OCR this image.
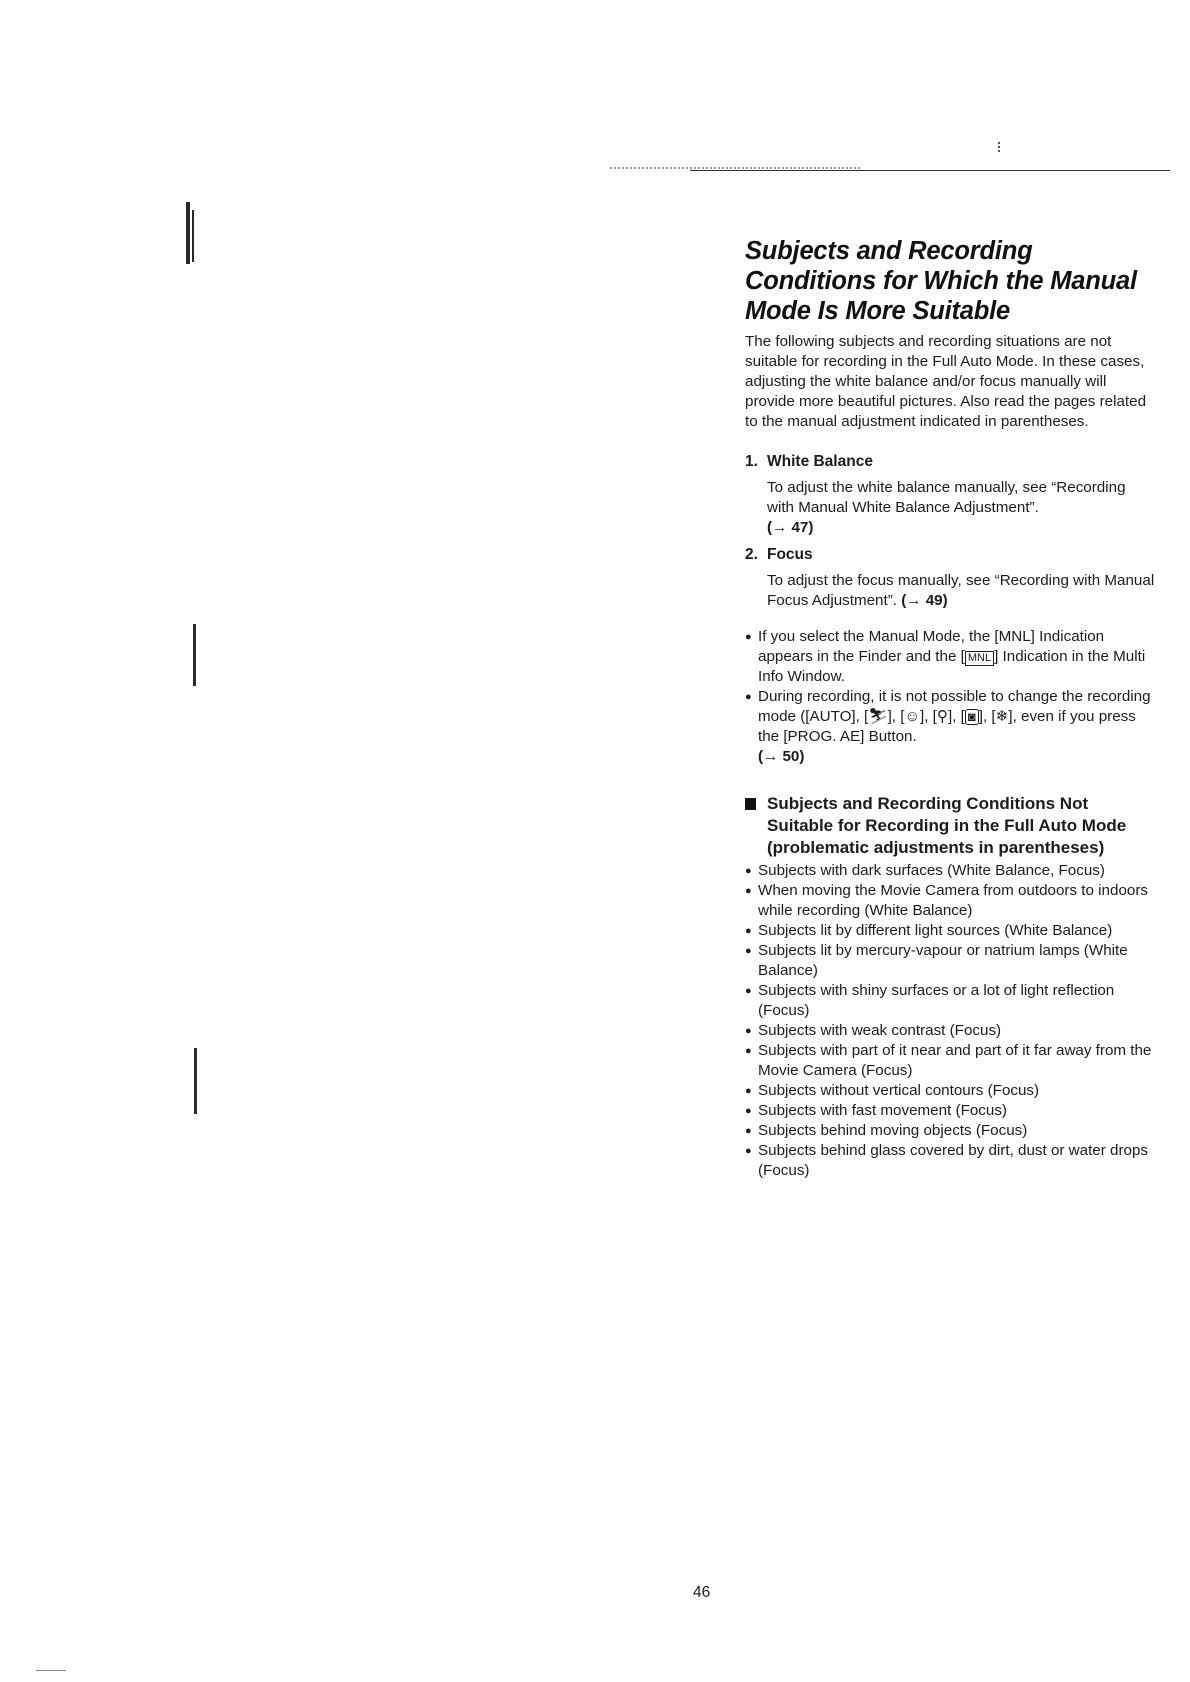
Subjects and Recording Conditions for Which the Manual Mode Is More Suitable

The following subjects and recording situations are not suitable for recording in the Full Auto Mode. In these cases, adjusting the white balance and/or focus manually will provide more beautiful pictures. Also read the pages related to the manual adjustment indicated in parentheses.

1. White Balance
To adjust the white balance manually, see “Recording with Manual White Balance Adjustment”.
(→ 47)
2. Focus
To adjust the focus manually, see “Recording with Manual Focus Adjustment”. (→ 49)
● If you select the Manual Mode, the [MNL] Indication appears in the Finder and the [ MNL ] Indication in the Multi Info Window.
● During recording, it is not possible to change the recording mode ([AUTO], [⛷], [☺], [⚲], [ ◙ ], [❄], even if you press the [PROG. AE] Button.
(→ 50)
Subjects and Recording Conditions Not Suitable for Recording in the Full Auto Mode (problematic adjustments in parentheses)
● Subjects with dark surfaces (White Balance, Focus)
● When moving the Movie Camera from outdoors to indoors while recording (White Balance)
● Subjects lit by different light sources (White Balance)
● Subjects lit by mercury-vapour or natrium lamps (White Balance)
● Subjects with shiny surfaces or a lot of light reflection (Focus)
● Subjects with weak contrast (Focus)
● Subjects with part of it near and part of it far away from the Movie Camera (Focus)
● Subjects without vertical contours (Focus)
● Subjects with fast movement (Focus)
● Subjects behind moving objects (Focus)
● Subjects behind glass covered by dirt, dust or water drops (Focus)
46
